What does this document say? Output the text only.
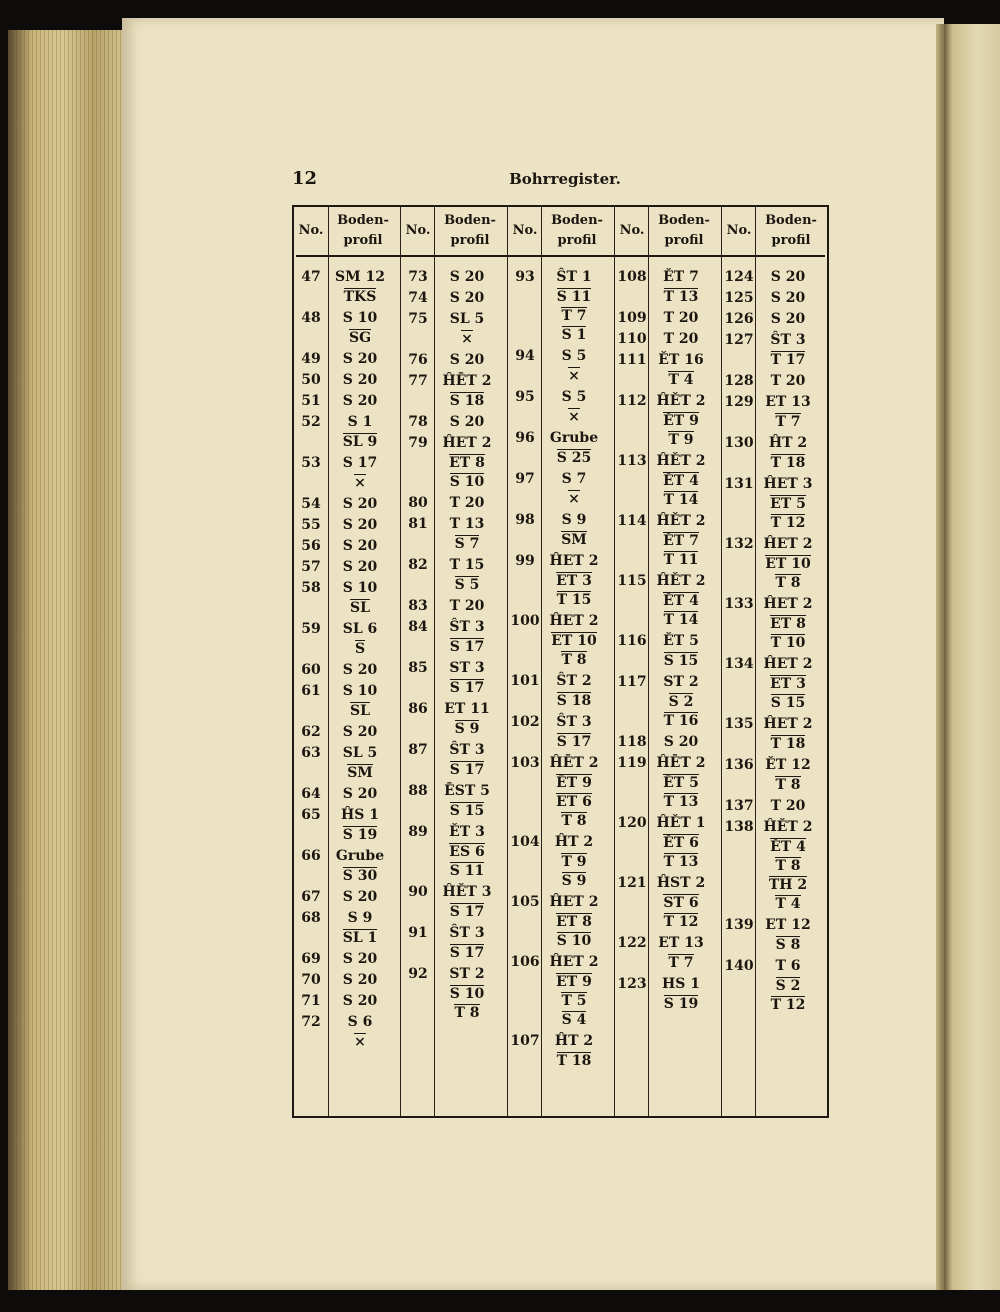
12	Bohrregister.
No.
Boden-
profil
47	SM 12
TKS
48	S 10
SG
49	S 20
50	S 20
51	S 20
52	S 1
SL 9
53	S 17
×
54	S 20
55	S 20
56	S 20
57	S 20
58	S 10
SL
59	SL 6
S
60	S 20
61	S 10
SL
62	S 20
63	SL 5
SM
64	S 20
65	ĤS 1
S 19
66	Grube
S 30
67	S 20
68	S 9
SL 1
69	S 20
70	S 20
71	S 20
72	S 6
×
No.
Boden-
profil
73	S 20
74	S 20
75	SL 5
×
76	S 20
77	ĤĒT 2
S 18
78	S 20
79	ĤET 2
ET 8
S 10
80	T 20
81	T 13
S 7
82	T 15
S 5
83	T 20
84	ŜT 3
S 17
85	ST 3
S 17
86	ET 11
S 9
87	ŜT 3
S 17
88	ĒST 5
S 15
89	ĚT 3
ES 6
S 11
90	ĤĚT 3
S 17
91	ŜT 3
S 17
92	ST 2
S 10
T 8
No.
Boden-
profil
93	ŜT 1
S 11
T 7
S 1
94	S 5
×
95	S 5
×
96	Grube
S 25
97	S 7
×
98	S 9
SM
99	ĤET 2
ET 3
T 15
100 ĤET 2
ET 10
T 8
101	ŜT 2
S 18
102	ŜT 3
S 17
103 ĤĒT 2
ĒT 9
ET 6
T 8
104	ĤT 2
T 9
S 9
105 ĤET 2
ET 8
S 10
106 ĤET 2
ET 9
T 5
S 4
107	ĤT 2
T 18
No.
Boden-
profil
108	ĚT 7
T 13
109	T 20
110	T 20
111 ĚT 16
T 4
112 ĤĚT 2
ĚT 9
T 9
113 ĤĚT 2
ĚT 4
T 14
114 ĤĚT 2
ĚT 7
T 11
115 ĤĚT 2
ĚT 4
T 14
116	ĚT 5
S 15
117	ST 2
S 2
T 16
118	S 20
119 ĤĒT 2
ĒT 5
T 13
120 ĤĚT 1
ĚT 6
T 13
121 ĤST 2
ST 6
T 12
122 ET 13
T 7
123	HS 1
S 19
No.
Boden-
profil
124	S 20
125	S 20
126	S 20
127	ŜT 3
T 17
128	T 20
129 ET 13
T 7
130	ĤT 2
T 18
131 ĤET 3
ET 5
T 12
132 ĤET 2
ET 10
T 8
133 ĤET 2
ET 8
T 10
134 ĤET 2
ET 3
S 15
135 ĤET 2
T 18
136 ĚT 12
T 8
137	T 20
138 ĤĚT 2
ĚT 4
T 8
TH 2
T 4
139 ET 12
S 8
140	T 6
S 2
T 12
